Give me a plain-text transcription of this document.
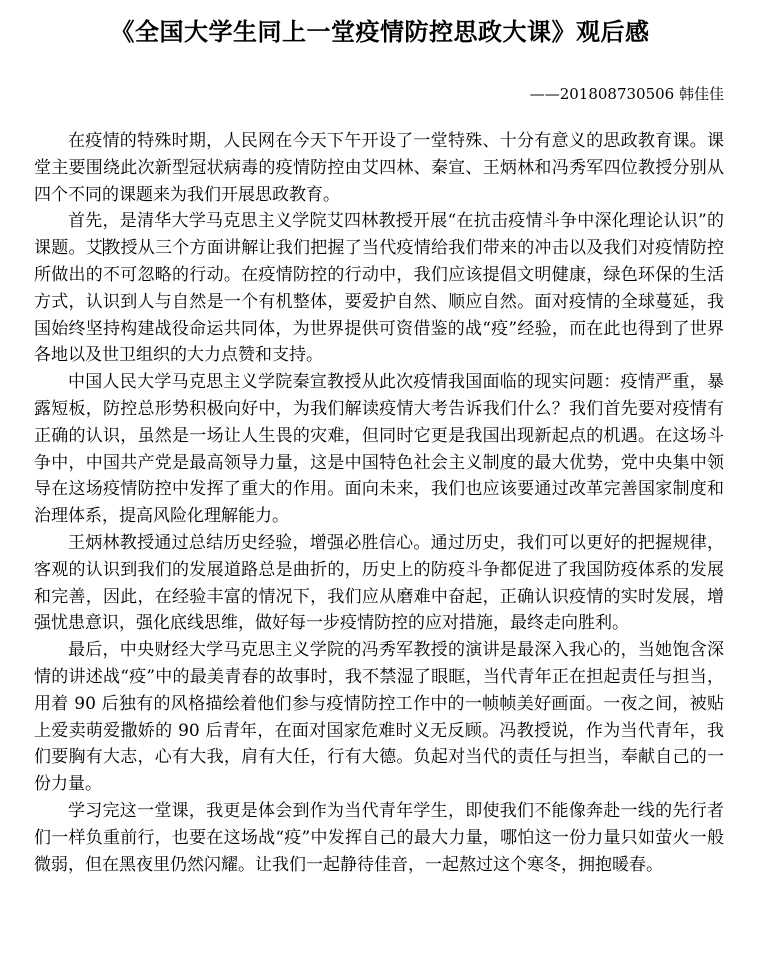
《全国大学生同上一堂疫情防控思政大课》观后感
——201808730506 韩佳佳

在疫情的特殊时期，人民网在今天下午开设了一堂特殊、十分有意义的思政教育课。课堂主要围绕此次新型冠状病毒的疫情防控由艾四林、秦宣、王炳林和冯秀军四位教授分别从四个不同的课题来为我们开展思政教育。

首先，是清华大学马克思主义学院艾四林教授开展“在抗击疫情斗争中深化理论认识”的课题。艾教授从三个方面讲解让我们把握了当代疫情给我们带来的冲击以及我们对疫情防控所做出的不可忽略的行动。在疫情防控的行动中，我们应该提倡文明健康，绿色环保的生活方式，认识到人与自然是一个有机整体，要爱护自然、顺应自然。面对疫情的全球蔓延，我国始终坚持构建战役命运共同体，为世界提供可资借鉴的战“疫”经验，而在此也得到了世界各地以及世卫组织的大力点赞和支持。

中国人民大学马克思主义学院秦宣教授从此次疫情我国面临的现实问题：疫情严重，暴露短板，防控总形势积极向好中，为我们解读疫情大考告诉我们什么？我们首先要对疫情有正确的认识，虽然是一场让人生畏的灾难，但同时它更是我国出现新起点的机遇。在这场斗争中，中国共产党是最高领导力量，这是中国特色社会主义制度的最大优势，党中央集中领导在这场疫情防控中发挥了重大的作用。面向未来，我们也应该要通过改革完善国家制度和治理体系，提高风险化理解能力。

王炳林教授通过总结历史经验，增强必胜信心。通过历史，我们可以更好的把握规律，客观的认识到我们的发展道路总是曲折的，历史上的防疫斗争都促进了我国防疫体系的发展和完善，因此，在经验丰富的情况下，我们应从磨难中奋起，正确认识疫情的实时发展，增强忧患意识，强化底线思维，做好每一步疫情防控的应对措施，最终走向胜利。

最后，中央财经大学马克思主义学院的冯秀军教授的演讲是最深入我心的，当她饱含深情的讲述战“疫”中的最美青春的故事时，我不禁湿了眼眶，当代青年正在担起责任与担当，用着 90 后独有的风格描绘着他们参与疫情防控工作中的一帧帧美好画面。一夜之间，被贴上爱卖萌爱撒娇的 90 后青年，在面对国家危难时义无反顾。冯教授说，作为当代青年，我们要胸有大志，心有大我，肩有大任，行有大德。负起对当代的责任与担当，奉献自己的一份力量。

学习完这一堂课，我更是体会到作为当代青年学生，即使我们不能像奔赴一线的先行者们一样负重前行，也要在这场战“疫”中发挥自己的最大力量，哪怕这一份力量只如萤火一般微弱，但在黑夜里仍然闪耀。让我们一起静待佳音，一起熬过这个寒冬，拥抱暖春。
